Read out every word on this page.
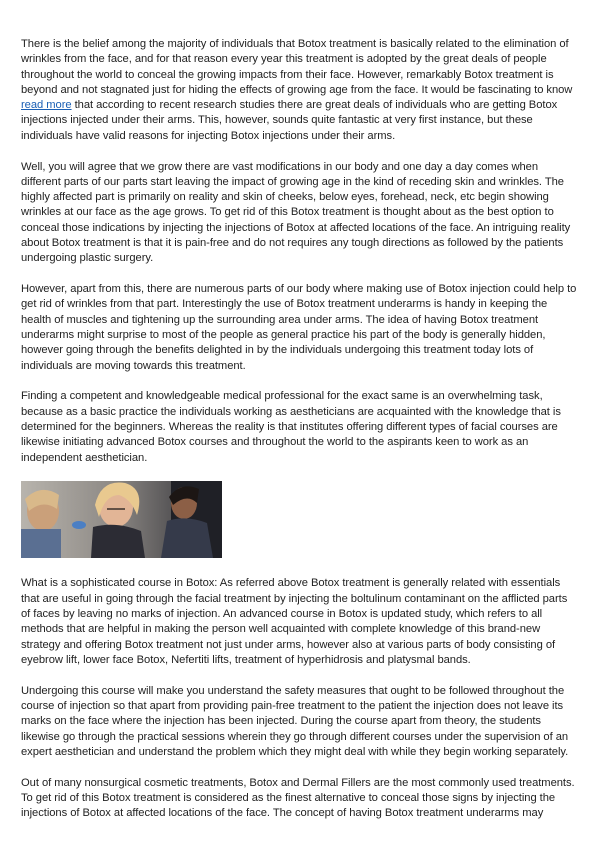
There is the belief among the majority of individuals that Botox treatment is basically related to the elimination of wrinkles from the face, and for that reason every year this treatment is adopted by the great deals of people throughout the world to conceal the growing impacts from their face. However, remarkably Botox treatment is beyond and not stagnated just for hiding the effects of growing age from the face. It would be fascinating to know read more that according to recent research studies there are great deals of individuals who are getting Botox injections injected under their arms. This, however, sounds quite fantastic at very first instance, but these individuals have valid reasons for injecting Botox injections under their arms.

Well, you will agree that we grow there are vast modifications in our body and one day a day comes when different parts of our parts start leaving the impact of growing age in the kind of receding skin and wrinkles. The highly affected part is primarily on reality and skin of cheeks, below eyes, forehead, neck, etc begin showing wrinkles at our face as the age grows. To get rid of this Botox treatment is thought about as the best option to conceal those indications by injecting the injections of Botox at affected locations of the face. An intriguing reality about Botox treatment is that it is pain-free and do not requires any tough directions as followed by the patients undergoing plastic surgery.

However, apart from this, there are numerous parts of our body where making use of Botox injection could help to get rid of wrinkles from that part. Interestingly the use of Botox treatment underarms is handy in keeping the health of muscles and tightening up the surrounding area under arms. The idea of having Botox treatment underarms might surprise to most of the people as general practice his part of the body is generally hidden, however going through the benefits delighted in by the individuals undergoing this treatment today lots of individuals are moving towards this treatment.

Finding a competent and knowledgeable medical professional for the exact same is an overwhelming task, because as a basic practice the individuals working as aestheticians are acquainted with the knowledge that is determined for the beginners. Whereas the reality is that institutes offering different types of facial courses are likewise initiating advanced Botox courses and throughout the world to the aspirants keen to work as an independent aesthetician.

What is a sophisticated course in Botox: As referred above Botox treatment is generally related with essentials that are useful in going through the facial treatment by injecting the boltulinum contaminant on the afflicted parts of faces by leaving no marks of injection. An advanced course in Botox is updated study, which refers to all methods that are helpful in making the person well acquainted with complete knowledge of this brand-new strategy and offering Botox treatment not just under arms, however also at various parts of body consisting of eyebrow lift, lower face Botox, Nefertiti lifts, treatment of hyperhidrosis and platysmal bands.

Undergoing this course will make you understand the safety measures that ought to be followed throughout the course of injection so that apart from providing pain-free treatment to the patient the injection does not leave its marks on the face where the injection has been injected. During the course apart from theory, the students likewise go through the practical sessions wherein they go through different courses under the supervision of an expert aesthetician and understand the problem which they might deal with while they begin working separately.

Out of many nonsurgical cosmetic treatments, Botox and Dermal Fillers are the most commonly used treatments. To get rid of this Botox treatment is considered as the finest alternative to conceal those signs by injecting the injections of Botox at affected locations of the face. The concept of having Botox treatment underarms may
